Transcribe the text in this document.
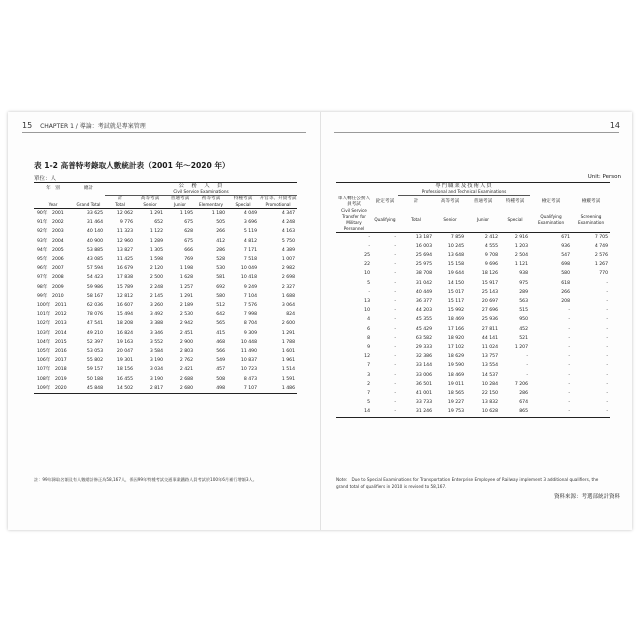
15 CHAPTER 1 / 導論：考試就是專案管理	14
表 1-2 高普特考錄取人數統計表（2001 年～2020 年）
單位：人	Unit: Person
年　別	總計	公　務　人　員					
		Civil Service Examinations					
		計	高等考試	普通考試	初等考試	特種考試	升官等、升資考試
Year	Grand Total	Total	Senior	Junior	Elementary	Special	Promotional
90年　2001	33 625	12 062	1 291	1 195	1 180	4 049	4 347
91年　2002	31 464	9 776	652	675	505	3 696	4 248
92年　2003	40 140	11 323	1 122	628	266	5 119	4 163
93年　2004	40 900	12 960	1 289	675	412	4 812	5 750
94年　2005	53 885	13 827	1 305	666	286	7 171	4 389
95年　2006	43 085	11 425	1 598	769	528	7 518	1 007
96年　2007	57 594	16 679	2 120	1 198	530	10 049	2 982
97年　2008	54 423	17 838	2 500	1 628	581	10 418	2 698
98年　2009	59 986	15 789	2 248	1 257	692	9 249	2 327
99年　2010	58 167	12 812	2 145	1 291	580	7 104	1 688
100年　2011	62 036	16 607	3 260	2 189	512	7 576	3 064
101年　2012	78 076	15 494	3 492	2 530	642	7 998	824
102年　2013	47 541	18 208	3 388	2 942	565	8 704	2 600
103年　2014	49 210	16 824	3 346	2 451	415	9 309	1 291
104年　2015	52 397	19 163	3 552	2 900	468	10 448	1 788
105年　2016	53 053	20 047	3 584	2 803	566	11 490	1 601
106年　2017	55 802	19 301	3 190	2 762	549	10 837	1 961
107年　2018	59 157	18 156	3 034	2 421	457	10 723	1 514
108年　2019	50 188	16 455	3 190	2 688	508	8 473	1 591
109年　2020	45 848	14 502	2 817	2 680	498	7 107	1 486
		專門職業及技術人員					
		Professional and Technical Examinations					
軍人轉任公務人員考試	銓定考試	計	高等考試	普通考試	特種考試	檢定考試	檢覈考試
Civil Service Transfer for Military Personnel	Qualifying	Total	Senior	Junior	Special	Qualifying Examination	Screening Examination
-	-	13 187	7 859	2 412	2 916	671	7 705
-	-	16 003	10 245	4 555	1 203	936	4 749
25	-	25 694	13 648	9 708	2 504	547	2 576
22	-	25 975	15 158	9 696	1 121	698	1 267
10	-	38 708	19 644	18 126	938	580	770
5	-	31 042	14 150	15 917	975	618	-
-	-	40 449	15 017	25 143	289	266	-
13	-	36 377	15 117	20 697	563	208	-
10	-	44 203	15 992	27 696	515	-	-
4	-	45 355	18 469	25 936	950	-	-
6	-	45 429	17 166	27 811	452	-	-
8	-	63 582	18 920	44 141	521	-	-
9	-	29 333	17 102	11 024	1 207	-	-
12	-	32 386	18 629	13 757	-	-	-
7	-	33 144	19 590	13 554	-	-	-
3	-	33 006	18 469	14 537	-	-	-
2	-	36 501	19 011	10 284	7 206	-	-
7	-	41 001	18 565	22 150	286	-	-
5	-	33 733	19 227	13 832	674	-	-
14	-	31 246	19 753	10 628	865	-	-
註：99年錄取名額及有人數總計修正為58,167人，係因99年特種考試交通事業鐵路人員考試於100年6月補行增額3人。	Note:　Due to Special Examinations for Transportation Enterprise Employee of Railway implement 3 additional qualifiers, the grand total of qualifiers in 2010 is revised to 58,167.
資料來源：考選部統計資料
